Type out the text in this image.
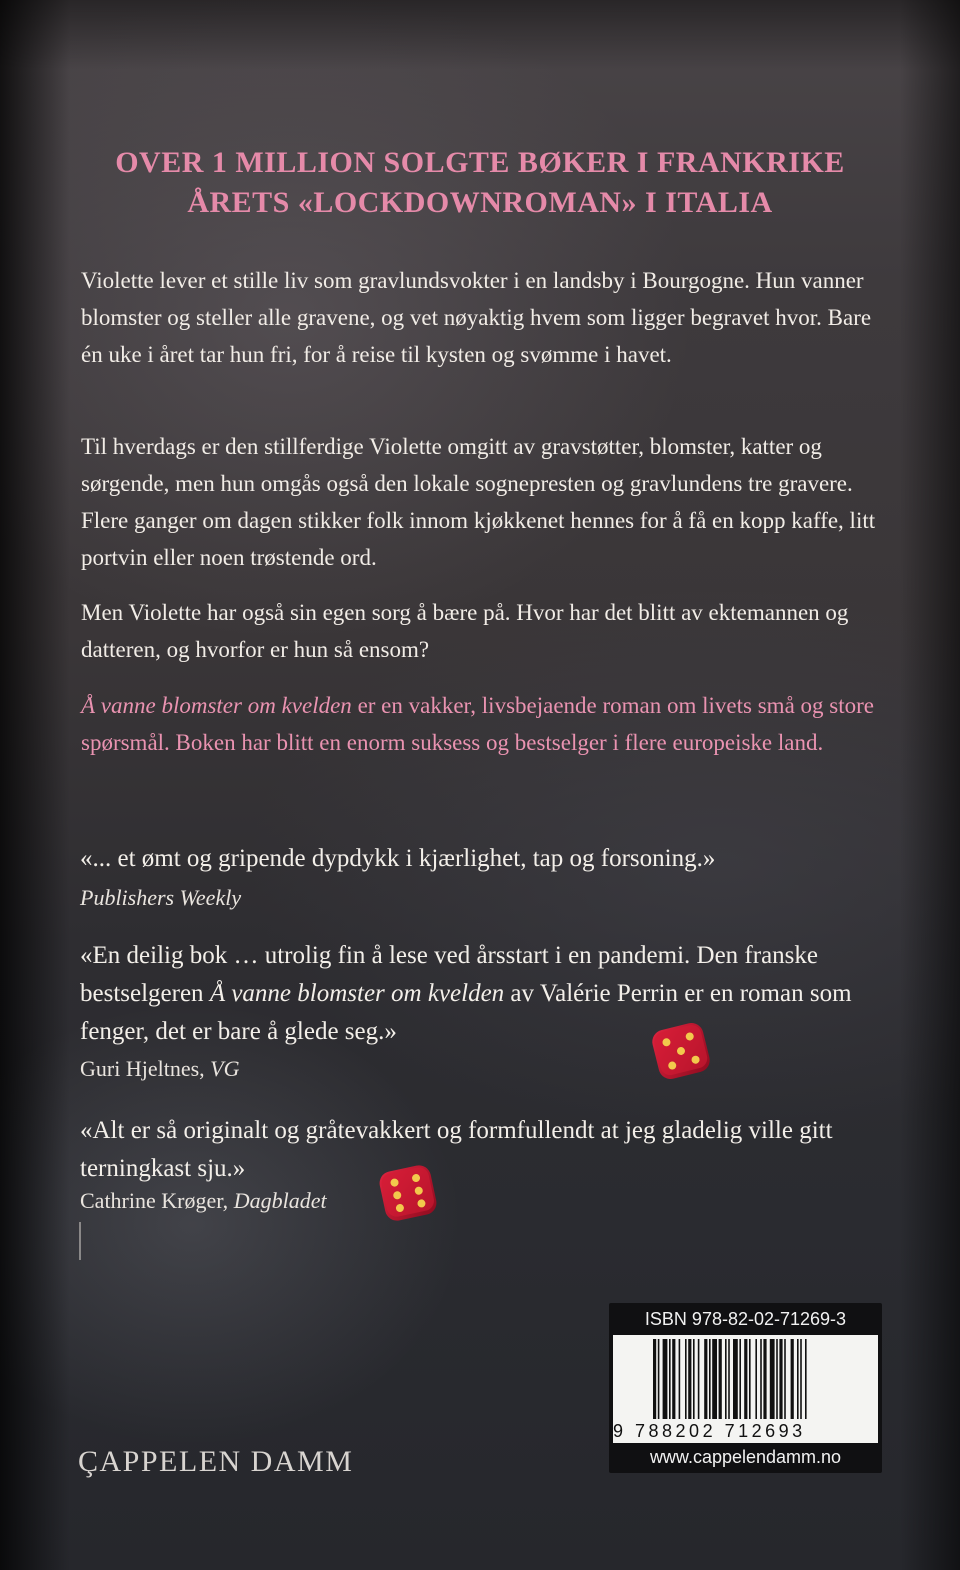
OVER 1 MILLION SOLGTE BØKER I FRANKRIKE
ÅRETS «LOCKDOWNROMAN» I ITALIA

Violette lever et stille liv som gravlundsvokter i en landsby i Bourgogne. Hun vanner blomster og steller alle gravene, og vet nøyaktig hvem som ligger begravet hvor. Bare én uke i året tar hun fri, for å reise til kysten og svømme i havet.

Til hverdags er den stillferdige Violette omgitt av gravstøtter, blomster, katter og sørgende, men hun omgås også den lokale sognepresten og gravlundens tre gravere. Flere ganger om dagen stikker folk innom kjøkkenet hennes for å få en kopp kaffe, litt portvin eller noen trøstende ord.

Men Violette har også sin egen sorg å bære på. Hvor har det blitt av ektemannen og datteren, og hvorfor er hun så ensom?

Å vanne blomster om kvelden er en vakker, livsbejaende roman om livets små og store spørsmål. Boken har blitt en enorm suksess og bestselger i flere europeiske land.

«... et ømt og gripende dypdykk i kjærlighet, tap og forsoning.»

Publishers Weekly

«En deilig bok … utrolig fin å lese ved årsstart i en pandemi. Den franske bestselgeren Å vanne blomster om kvelden av Valérie Perrin er en roman som fenger, det er bare å glede seg.»

Guri Hjeltnes, VG

«Alt er så originalt og gråtevakkert og formfullendt at jeg gladelig ville gitt terningkast sju.»

Cathrine Krøger, Dagbladet
ÇAPPELEN DAMM
ISBN 978-82-02-71269-3
9 788202 712693
www.cappelendamm.no
